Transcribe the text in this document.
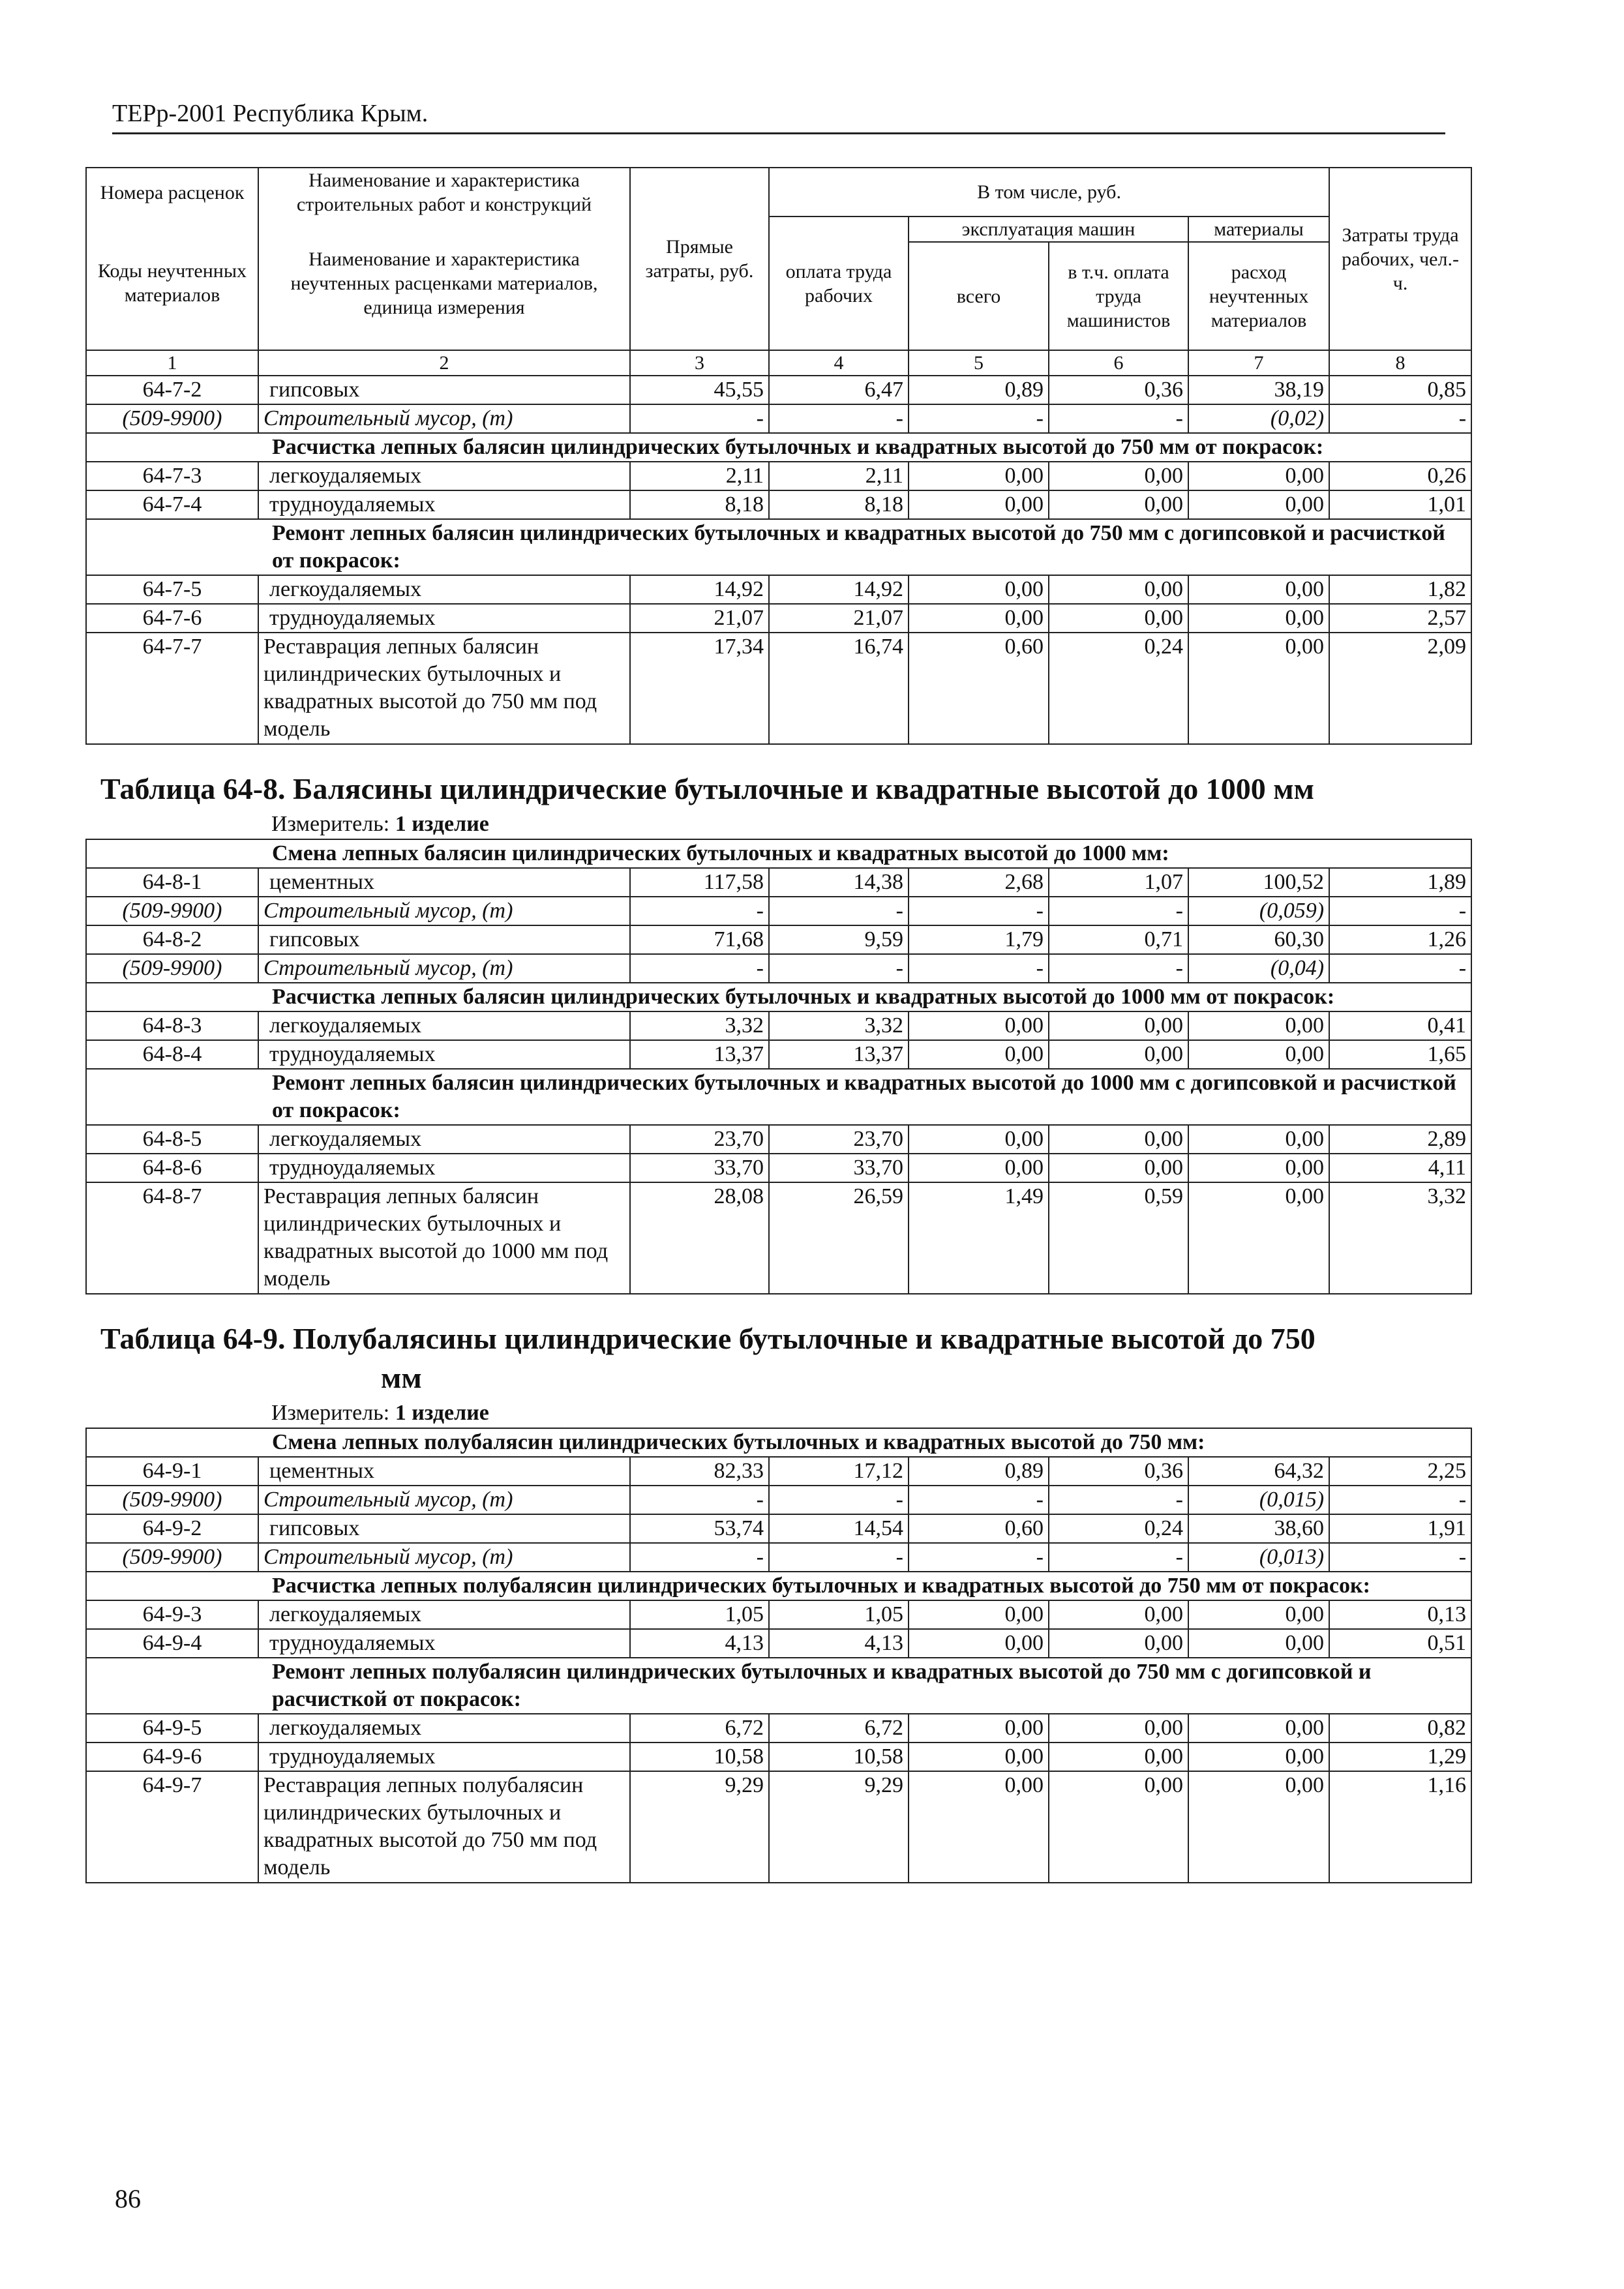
ТЕРр-2001 Республика Крым.
Номера расценок	Наименование и характеристика строительных работ и конструкций	Прямые затраты, руб.	В том числе, руб.				Затраты труда рабочих, чел.-ч.
Коды неучтенных материалов	Наименование и характеристика неучтенных расценками материалов, единица измерения		оплата труда рабочих	эксплуатация машин		материалы	
				всего	в т.ч. оплата труда машинистов	расход неучтенных материалов	
1	2	3	4	5	6	7	8
64-7-2	гипсовых	45,55	6,47	0,89	0,36	38,19	0,85
(509-9900)	Строительный мусор, (т)	-	-	-	-	(0,02)	-
Расчистка лепных балясин цилиндрических бутылочных и квадратных высотой до 750 мм от покрасок:							
64-7-3	легкоудаляемых	2,11	2,11	0,00	0,00	0,00	0,26
64-7-4	трудноудаляемых	8,18	8,18	0,00	0,00	0,00	1,01
Ремонт лепных балясин цилиндрических бутылочных и квадратных высотой до 750 мм с догипсовкой и расчисткой от покрасок:							
64-7-5	легкоудаляемых	14,92	14,92	0,00	0,00	0,00	1,82
64-7-6	трудноудаляемых	21,07	21,07	0,00	0,00	0,00	2,57
64-7-7	Реставрация лепных балясин цилиндрических бутылочных и квадратных высотой до 750 мм под модель	17,34	16,74	0,60	0,24	0,00	2,09
Таблица 64-8. Балясины цилиндрические бутылочные и квадратные высотой до 1000 мм							
Измеритель: 1 изделие							
Смена лепных балясин цилиндрических бутылочных и квадратных высотой до 1000 мм:							
64-8-1	цементных	117,58	14,38	2,68	1,07	100,52	1,89
(509-9900)	Строительный мусор, (т)	-	-	-	-	(0,059)	-
64-8-2	гипсовых	71,68	9,59	1,79	0,71	60,30	1,26
(509-9900)	Строительный мусор, (т)	-	-	-	-	(0,04)	-
Расчистка лепных балясин цилиндрических бутылочных и квадратных высотой до 1000 мм от покрасок:							
64-8-3	легкоудаляемых	3,32	3,32	0,00	0,00	0,00	0,41
64-8-4	трудноудаляемых	13,37	13,37	0,00	0,00	0,00	1,65
Ремонт лепных балясин цилиндрических бутылочных и квадратных высотой до 1000 мм с догипсовкой и расчисткой от покрасок:							
64-8-5	легкоудаляемых	23,70	23,70	0,00	0,00	0,00	2,89
64-8-6	трудноудаляемых	33,70	33,70	0,00	0,00	0,00	4,11
64-8-7	Реставрация лепных балясин цилиндрических бутылочных и квадратных высотой до 1000 мм под модель	28,08	26,59	1,49	0,59	0,00	3,32
Таблица 64-9. Полубалясины цилиндрические бутылочные и квадратные высотой до 750
мм							

Измеритель: 1 изделие							
Смена лепных полубалясин цилиндрических бутылочных и квадратных высотой до 750 мм:							
64-9-1	цементных	82,33	17,12	0,89	0,36	64,32	2,25
(509-9900)	Строительный мусор, (т)	-	-	-	-	(0,015)	-
64-9-2	гипсовых	53,74	14,54	0,60	0,24	38,60	1,91
(509-9900)	Строительный мусор, (т)	-	-	-	-	(0,013)	-
Расчистка лепных полубалясин цилиндрических бутылочных и квадратных высотой до 750 мм от покрасок:							
64-9-3	легкоудаляемых	1,05	1,05	0,00	0,00	0,00	0,13
64-9-4	трудноудаляемых	4,13	4,13	0,00	0,00	0,00	0,51
Ремонт лепных полубалясин цилиндрических бутылочных и квадратных высотой до 750 мм с догипсовкой и расчисткой от покрасок:							
64-9-5	легкоудаляемых	6,72	6,72	0,00	0,00	0,00	0,82
64-9-6	трудноудаляемых	10,58	10,58	0,00	0,00	0,00	1,29
64-9-7	Реставрация лепных полубалясин цилиндрических бутылочных и квадратных высотой до 750 мм под модель	9,29	9,29	0,00	0,00	0,00	1,16
86
